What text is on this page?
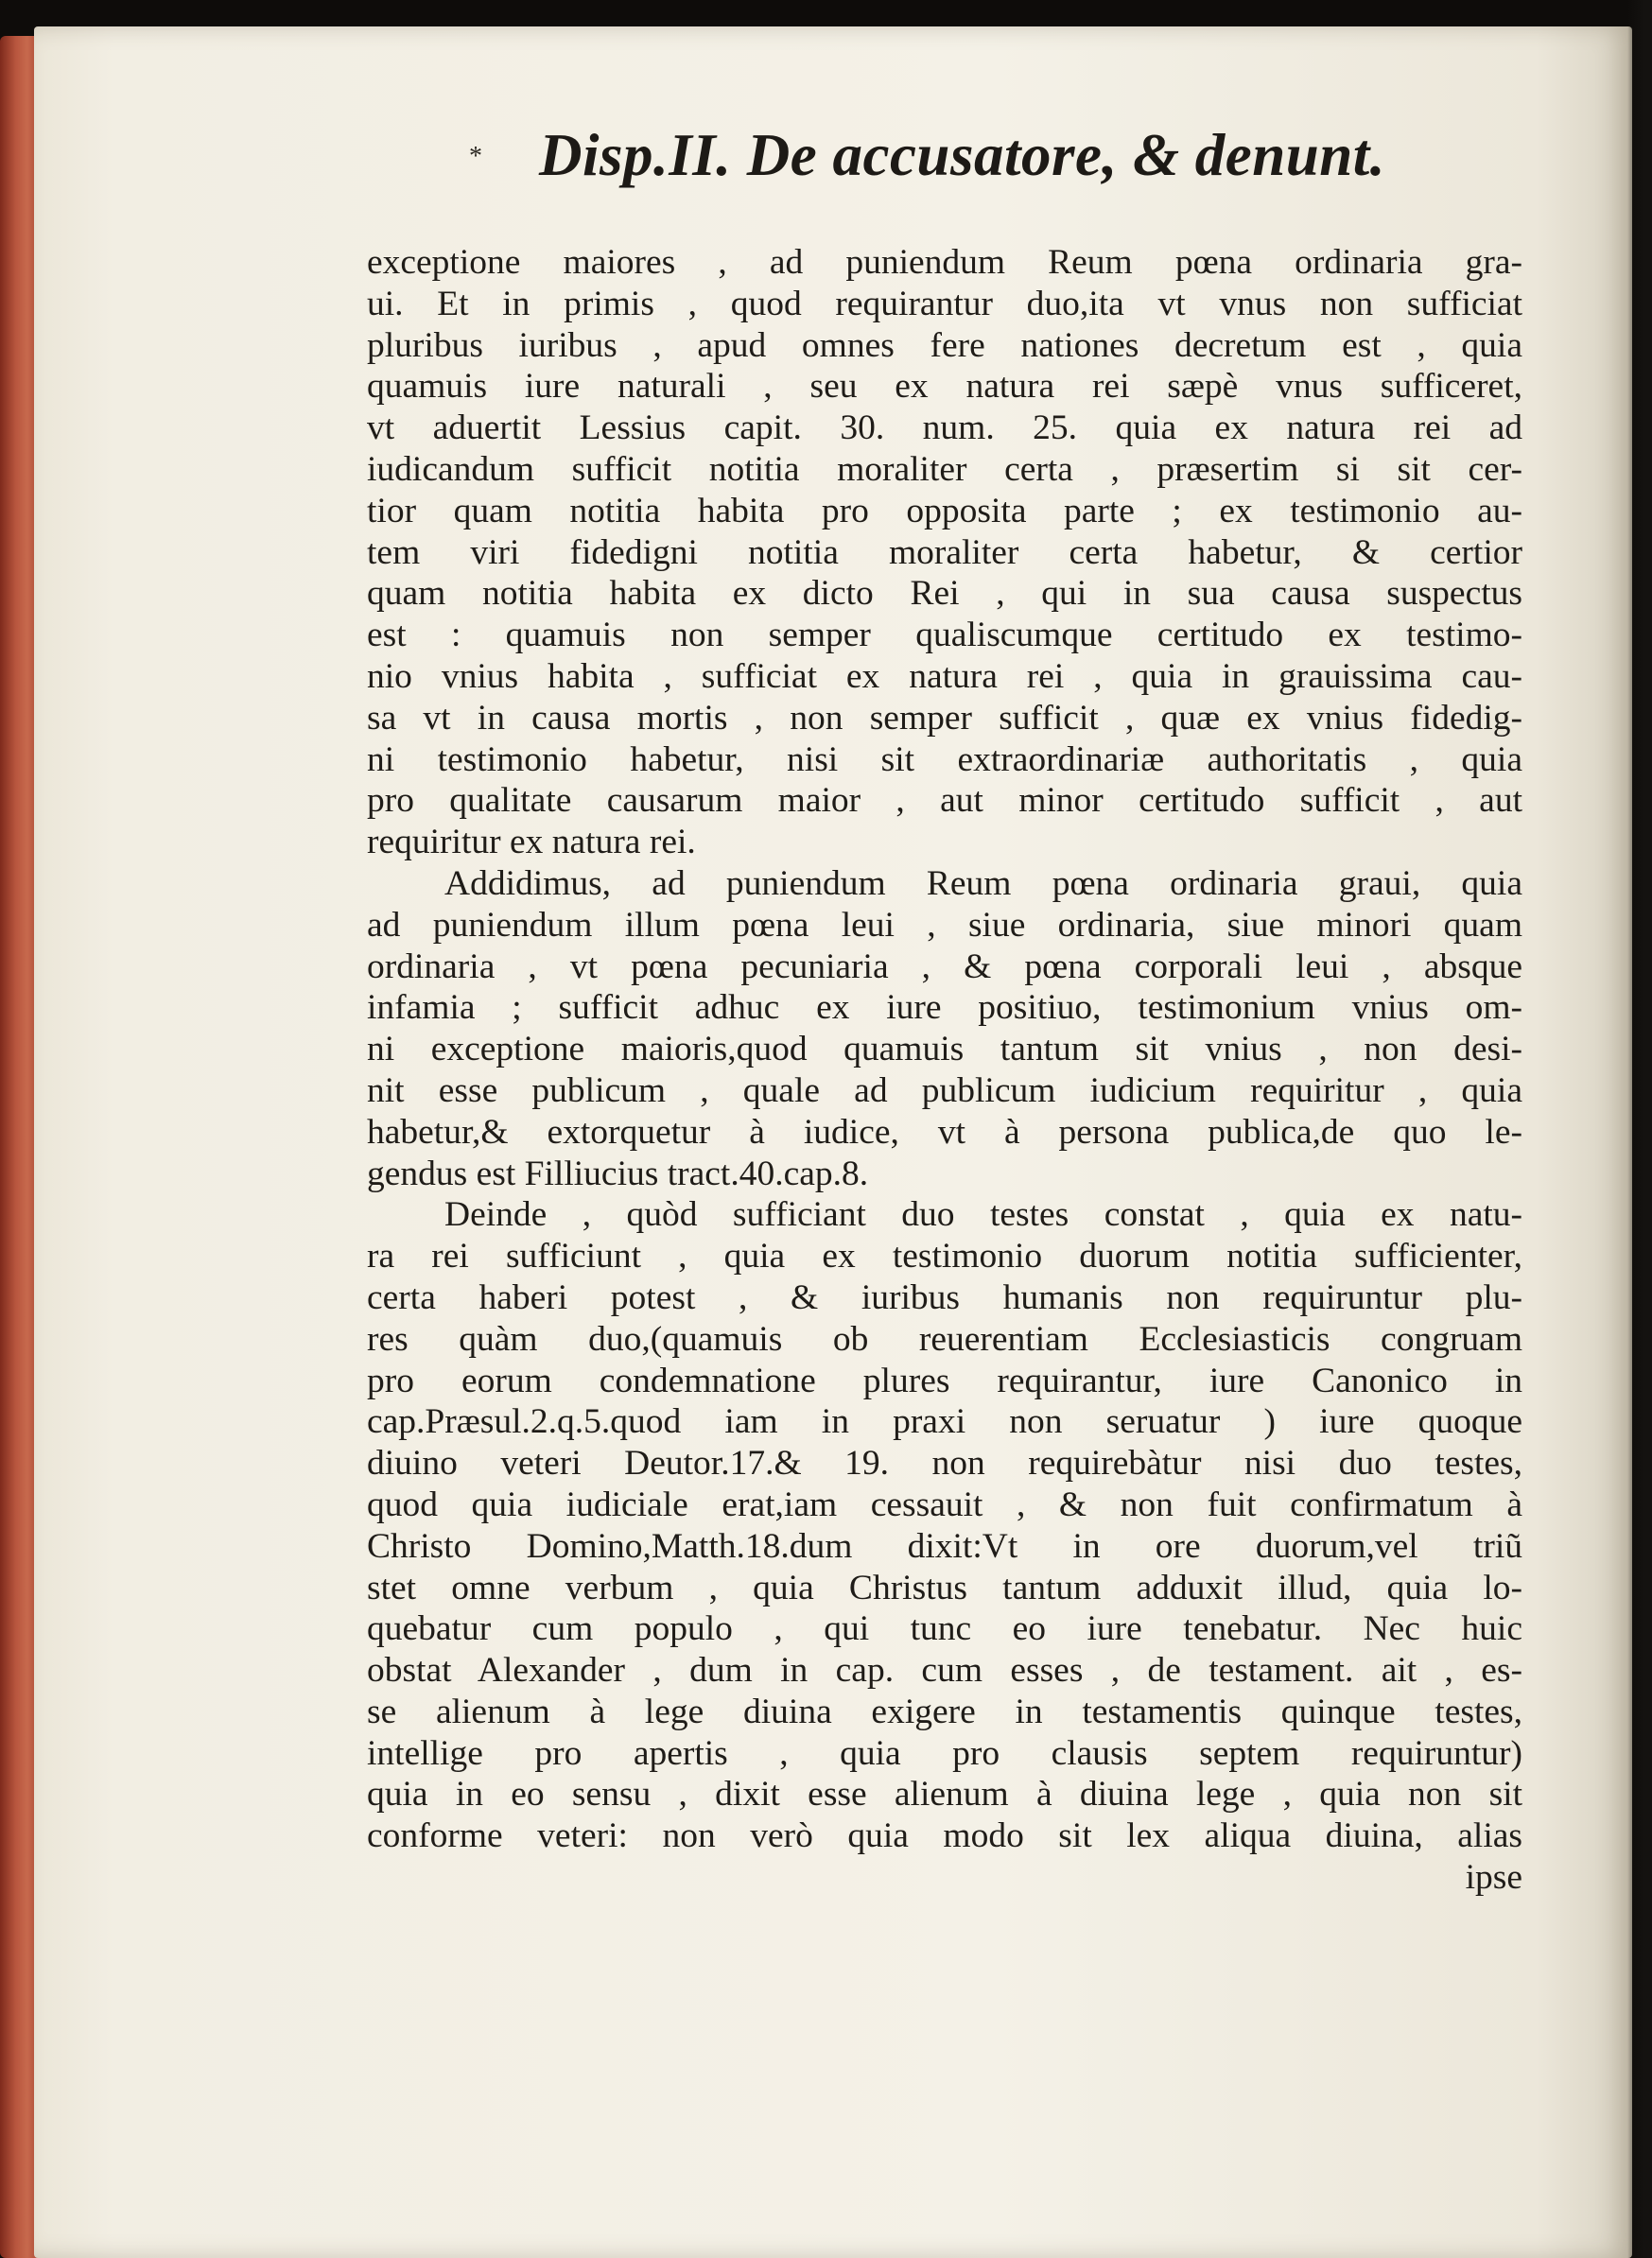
* Disp.II. De accusatore, & denunt.
exceptione maiores , ad puniendum Reum pœna ordinaria gra-
ui. Et in primis , quod requirantur duo,ita vt vnus non sufficiat
pluribus iuribus , apud omnes fere nationes decretum est , quia
quamuis iure naturali , seu ex natura rei sæpè vnus sufficeret,
vt aduertit Lessius capit. 30. num. 25. quia ex natura rei ad
iudicandum sufficit notitia moraliter certa , præsertim si sit cer-
tior quam notitia habita pro opposita parte ; ex testimonio au-
tem viri fidedigni notitia moraliter certa habetur, & certior
quam notitia habita ex dicto Rei , qui in sua causa suspectus
est : quamuis non semper qualiscumque certitudo ex testimo-
nio vnius habita , sufficiat ex natura rei , quia in grauissima cau-
sa vt in causa mortis , non semper sufficit , quæ ex vnius fidedig-
ni testimonio habetur, nisi sit extraordinariæ authoritatis , quia
pro qualitate causarum maior , aut minor certitudo sufficit , aut
requiritur ex natura rei.
Addidimus, ad puniendum Reum pœna ordinaria graui, quia
ad puniendum illum pœna leui , siue ordinaria, siue minori quam
ordinaria , vt pœna pecuniaria , & pœna corporali leui , absque
infamia ; sufficit adhuc ex iure positiuo, testimonium vnius om-
ni exceptione maioris,quod quamuis tantum sit vnius , non desi-
nit esse publicum , quale ad publicum iudicium requiritur , quia
habetur,& extorquetur à iudice, vt à persona publica,de quo le-
gendus est Filliucius tract.40.cap.8.
Deinde , quòd sufficiant duo testes constat , quia ex natu-
ra rei sufficiunt , quia ex testimonio duorum notitia sufficienter,
certa haberi potest , & iuribus humanis non requiruntur plu-
res quàm duo,(quamuis ob reuerentiam Ecclesiasticis congruam
pro eorum condemnatione plures requirantur, iure Canonico in
cap.Præsul.2.q.5.quod iam in praxi non seruatur ) iure quoque
diuino veteri Deutor.17.& 19. non requirebàtur nisi duo testes,
quod quia iudiciale erat,iam cessauit , & non fuit confirmatum à
Christo Domino,Matth.18.dum dixit:Vt in ore duorum,vel triũ
stet omne verbum , quia Christus tantum adduxit illud, quia lo-
quebatur cum populo , qui tunc eo iure tenebatur. Nec huic
obstat Alexander , dum in cap. cum esses , de testament. ait , es-
se alienum à lege diuina exigere in testamentis quinque testes,
intellige pro apertis , quia pro clausis septem requiruntur)
quia in eo sensu , dixit esse alienum à diuina lege , quia non sit
conforme veteri: non verò quia modo sit lex aliqua diuina, alias
ipse
